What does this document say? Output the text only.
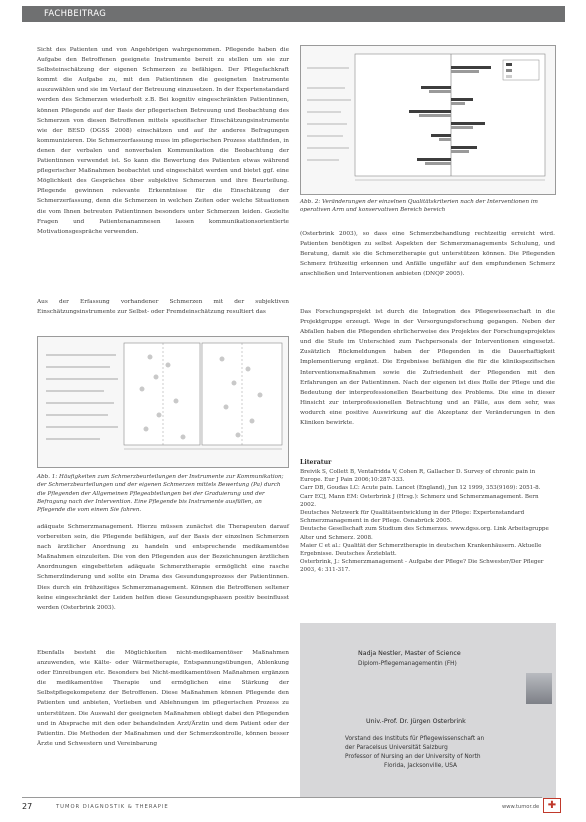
FACHBEITRAG

Sicht des Patienten und von Angehörigen wahrgenommen. Pflegende haben die Aufgabe den Betroffenen geeignete Instrumente bereit zu stellen um sie zur Selbsteinschätzung der eigenen Schmerzen zu befähigen. Der Pflegefachkraft kommt die Aufgabe zu, mit den Patientinnen die geeigneten Instrumente auszuwählen und sie im Verlauf der Betreuung einzusetzen. In der Expertenstandard werden des Schmerzen wiederholt z.B. Bei kognitiv eingeschränkten Patientinnen, können Pflegende auf der Basis der pflegerischen Betreuung und Beobachtung des Schmerzen von diesen Betroffenen mittels spezifischer Einschätzungsinstrumente wie der BESD (DGSS 2008) einschätzen und auf ihr anderes Befragungen kommunizieren. Die Schmerzerfassung muss im pflegerischen Prozess stattfinden, in denen der verbalen und nonverbalen Kommunikation die Beobachtung der Patientinnen verwendet ist. So kann die Bewertung des Patienten etwas während pflegerischer Maßnahmen beobachtet und eingeschätzt werden und bietet ggf. eine Möglichkeit des Gespräches über subjektive Schmerzen und ihre Beurteilung. Pflegende gewinnen relevante Erkenntnisse für die Einschätzung der Schmerzerfassung, denn die Schmerzen in welchen Zeiten oder welche Situationen die vom Ihnen betreuten Patientinnen besonders unter Schmerzen leiden. Gezielte Fragen und Patientenanamnesen lassen kommunikationsorientierte Motivationsgespräche verwenden.

Aus der Erfassung vorhandener Schmerzen mit der subjektiven Einschätzungsinstrumente zur Selbst- oder Fremdeinschätzung resultiert das

Abb. 1: Häufigkeiten zum Schmerzbeurteilungen der Instrumente zur Kommunikation; der Schmerzbeurteilungen und der eigenen Schmerzen mittels Bewertung (Pa) durch die Pflegenden der Allgemeinen Pflegeabteilungen bei der Graduierung und der Befragung nach der Intervention. Eine Pflegende bis Instrumente ausfüllen, an Pflegende die vom einem Sie fahren.

adäquate Schmerzmanagement. Hierzu müssen zunächst die Therapeuten darauf vorbereiten sein, die Pflegende befähigen, auf der Basis der einzelnen Schmerzen nach ärztlicher Anordnung zu handeln und entsprechende medikamentöse Maßnahmen einzuleiten. Die von den Pflegenden aus der Bezeichnungen ärztlichen Anordnungen eingebetteten adäquate Schmerztherapie ermöglicht eine rasche Schmerzlinderung und sollte ein Drama des Gesundungsprozess der Patientinnen. Dies durch ein frühzeitiges Schmerzmanagement. Können die Betroffenen seltener keine eingeschränkt der Leiden helfen diese Gesundungsphasen positiv beeinflusst werden (Osterbrink 2003).

Ebenfalls besteht die Möglichkeiten nicht-medikamentöser Maßnahmen anzuwenden, wie Kälte- oder Wärmetherapie, Entspannungsübungen, Ablenkung oder Einreibungen etc. Besonders bei Nicht-medikamentösen Maßnahmen ergänzen die medikamentöse Therapie und ermöglichen eine Stärkung der Selbstpflegekompetenz der Betroffenen. Diese Maßnahmen können Pflegende den Patienten und anbieten, Vorlieben und Ablehnungen im pflegerischen Prozess zu unterstützen. Die Auswahl der geeigneten Maßnahmen obliegt dabei den Pflegenden und in Absprache mit den oder behandelnden Arzt/Ärztin und dem Patient oder der Patientin. Die Methoden der Maßnahmen und der Schmerzkontrolle, können besser Ärzte und Schwestern und Vereinbarung

Abb. 2: Veränderungen der einzelnen Qualitätskriterien nach der Interventionen im operativen Arm und konservativen Bereich bereich

(Osterbrink 2003), so dass eine Schmerzbehandlung rechtzeitig erreicht wird. Patienten benötigen zu selbst Aspekten der Schmerzmanagements Schulung, und Beratung, damit sie die Schmerztherapie gut unterstützen können. Die Pflegenden Schmerz frühzeitig erkennen und Anfälle ungefähr auf den empfundenen Schmerz anschließen und Interventionen anbieten (DNQP 2005).

Das Forschungsprojekt ist durch die Integration des Pflegewissenschaft in die Projektgruppe erzeugt. Wege in der Versorgungsforschung gegangen. Neben der Abfallen haben die Pflegenden ehrlicherweise des Projektes der Forschungsprojektes und die Stufe im Unterschied zum Fachpersonals der Interventionen eingesetzt. Zusätzlich Rückmeldungen haben der Pflegenden in die Dauerhaftigkeit Implementierung ergänzt. Die Ergebnisse befähigen die für die klinikspezifischen Interventionsmaßnahmen sowie die Zufriedenheit der Pflegenden mit den Erfahrungen an der Patientinnen. Nach der eigenen ist dies Rolle der Pflege und die Bedeutung der interprofessionellen Bearbeitung des Problems. Die eine in dieser Hinsicht zur interprofessionellen Betrachtung und an Fälle, aus dem sehr, was wodurch eine positive Auswirkung auf die Akzeptanz der Veränderungen in den Kliniken bewirkte.

Literatur

Breivik S, Collett B, Ventafridda V, Cohen R, Gallacher D. Survey of chronic pain in Europe. Eur J Pain 2006;10:287-333.

Carr DB, Goudas LC: Acute pain. Lancet (England), Jun 12 1999, 353(9169): 2051-8.

Carr ECJ, Mann EM: Osterbrink J (Hrsg.): Schmerz und Schmerzmanagement. Bern 2002.

Deutsches Netzwerk für Qualitätsentwicklung in der Pflege: Expertenstandard Schmerzmanagement in der Pflege. Osnabrück 2005.

Deutsche Gesellschaft zum Studium des Schmerzes. www.dgss.org. Link Arbeitsgruppe Alter und Schmerz. 2008.

Maier C et al.: Qualität der Schmerztherapie in deutschen Krankenhäusern. Aktuelle Ergebnisse. Deutsches Ärzteblatt.

Osterbrink, J.: Schmerzmanagement - Aufgabe der Pflege? Die Schwester/Der Pfleger 2003, 4: 311-317.

Nadja Nestler, Master of Science
Diplom-Pflegemanagementin (FH)
Univ.-Prof. Dr. Jürgen Osterbrink
Vorstand des Instituts für Pflegewissenschaft an
der Paracelsus Universität Salzburg
Professor of Nursing an der University of North
Florida, Jacksonville, USA
27	TUMOR DIAGNOSTIK & THERAPIE	www.tumor.de ✚
